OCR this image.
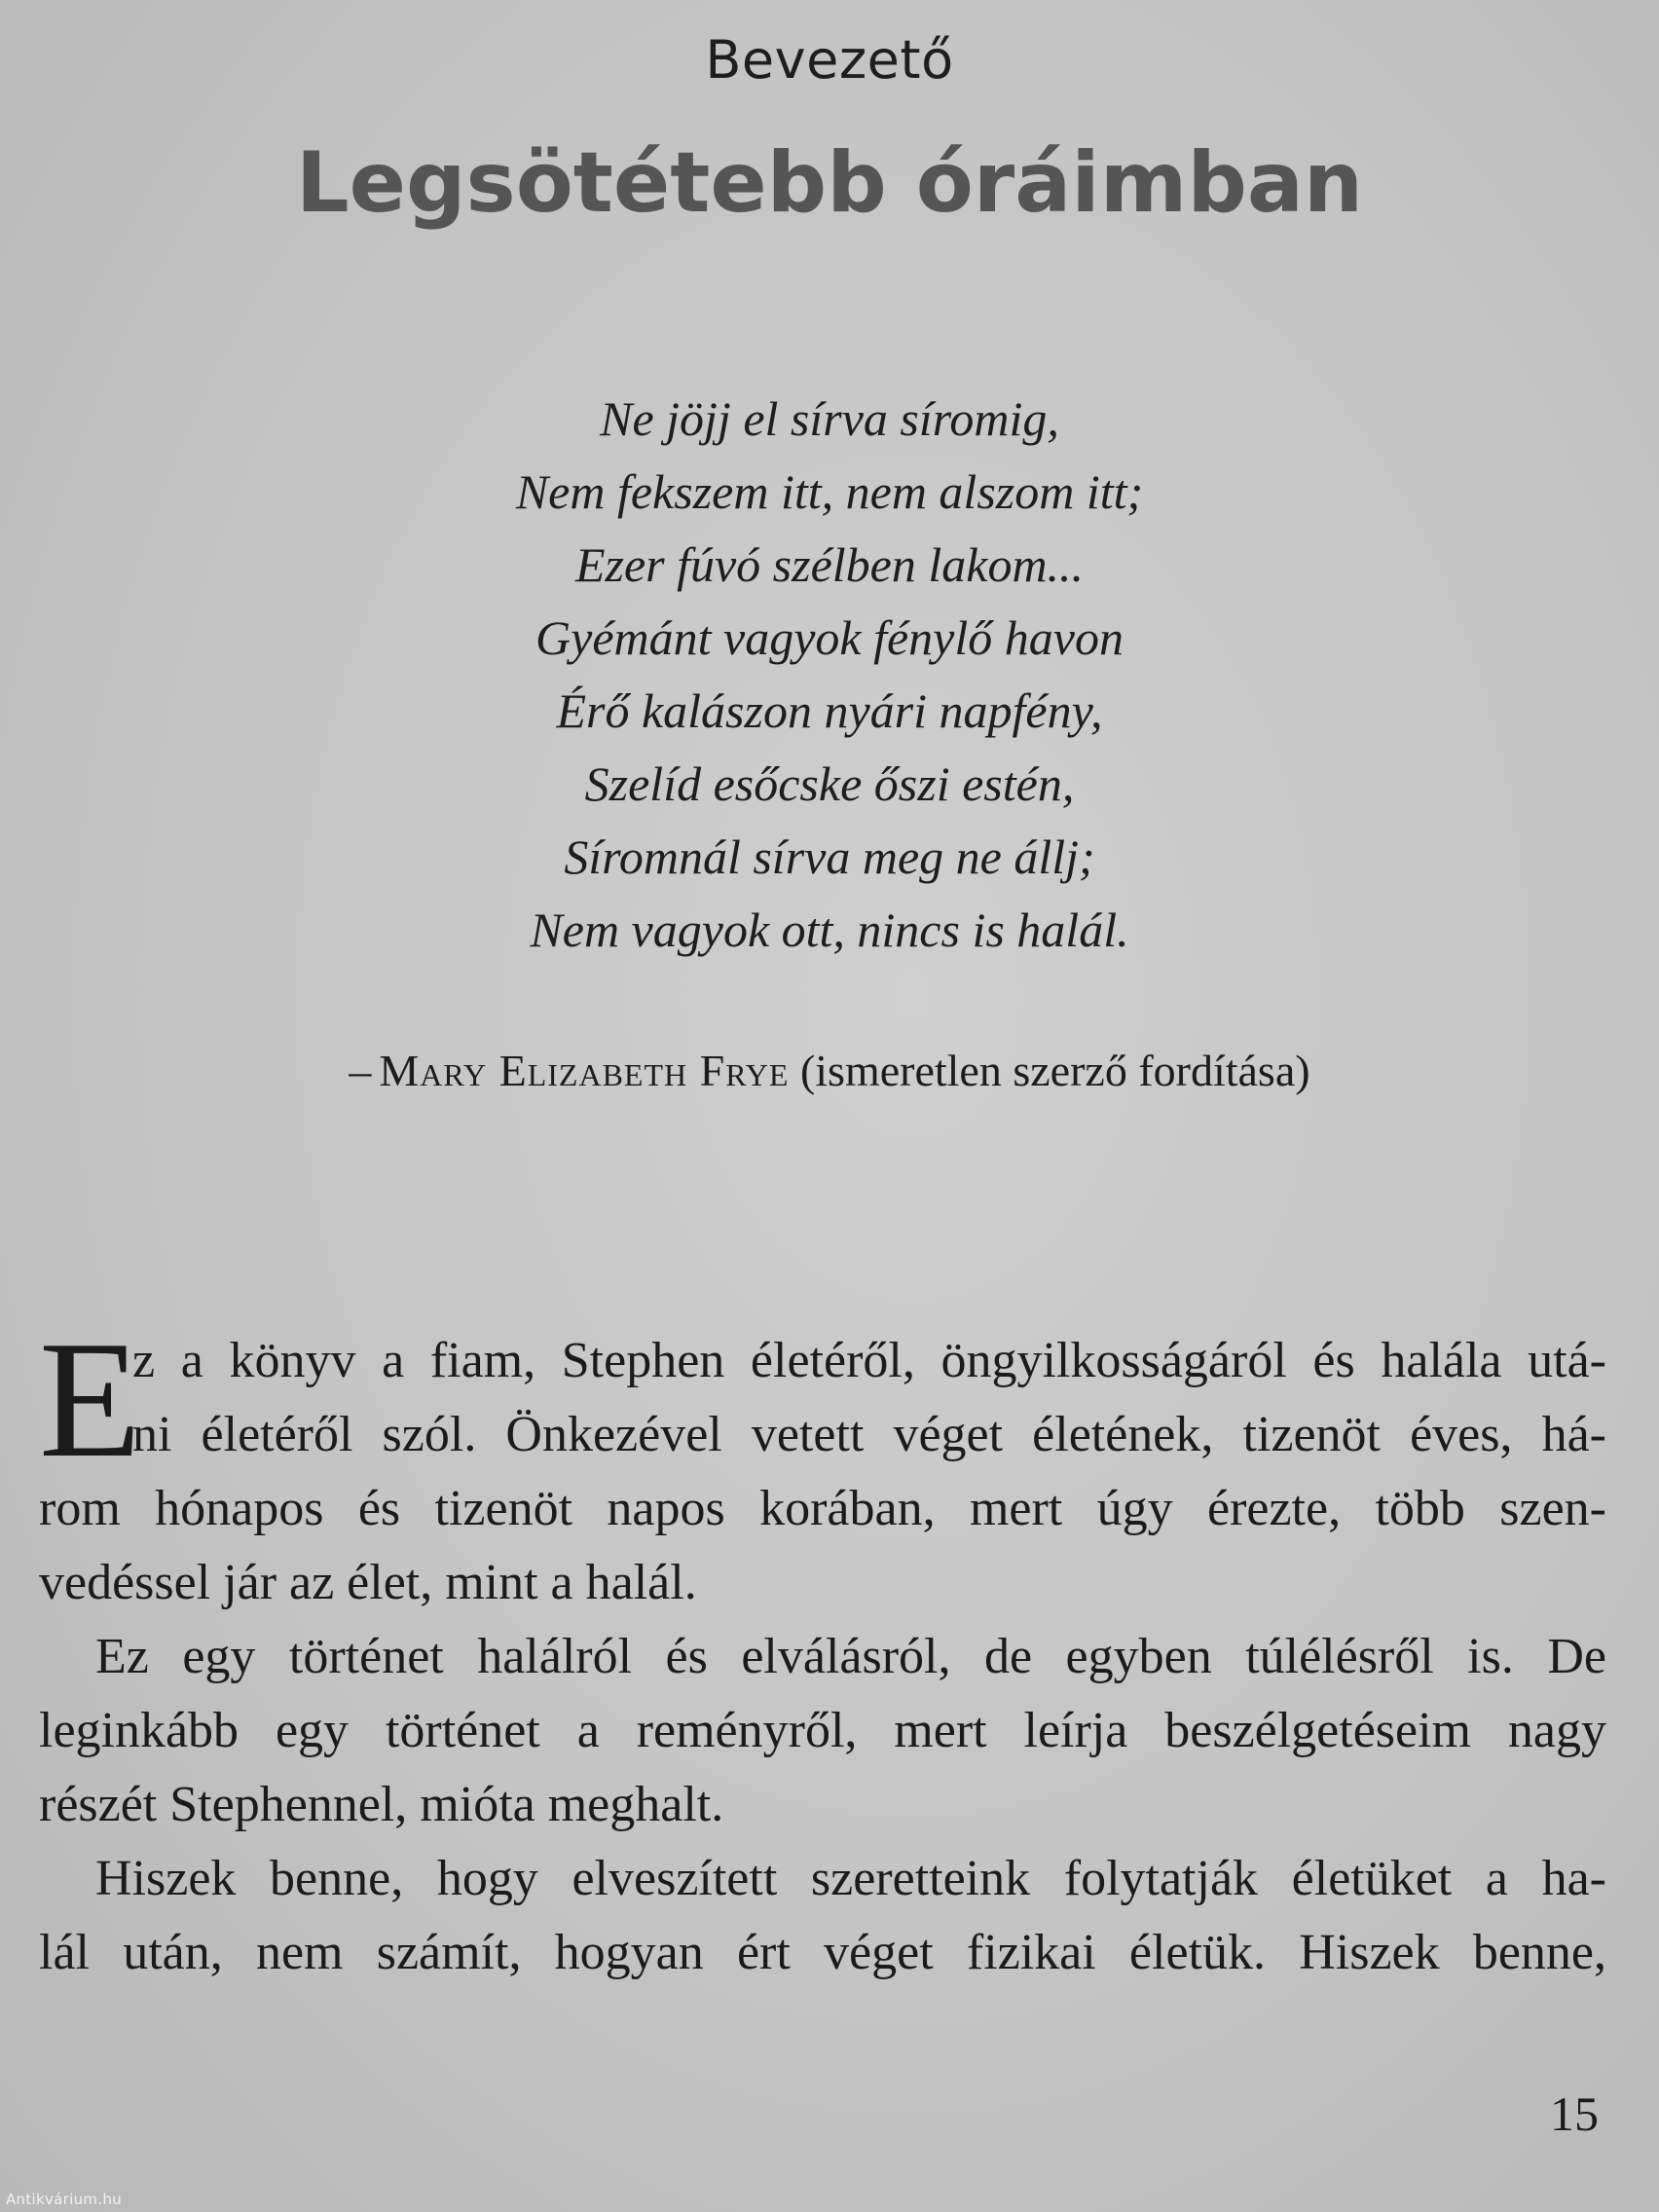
Bevezető
Legsötétebb óráimban
Ne jöjj el sírva síromig,
Nem fekszem itt, nem alszom itt;
Ezer fúvó szélben lakom...
Gyémánt vagyok fénylő havon
Érő kalászon nyári napfény,
Szelíd esőcske őszi estén,
Síromnál sírva meg ne állj;
Nem vagyok ott, nincs is halál.
– Mary Elizabeth Frye (ismeretlen szerző fordítása)
E
z a könyv a fiam, Stephen életéről, öngyilkosságáról és halála utá-
ni életéről szól. Önkezével vetett véget életének, tizenöt éves, há-
rom hónapos és tizenöt napos korában, mert úgy érezte, több szen-
vedéssel jár az élet, mint a halál.
Ez egy történet halálról és elválásról, de egyben túlélésről is. De
leginkább egy történet a reményről, mert leírja beszélgetéseim nagy
részét Stephennel, mióta meghalt.
Hiszek benne, hogy elveszített szeretteink folytatják életüket a ha-
lál után, nem számít, hogyan ért véget fizikai életük. Hiszek benne,
15
Antikvárium.hu
